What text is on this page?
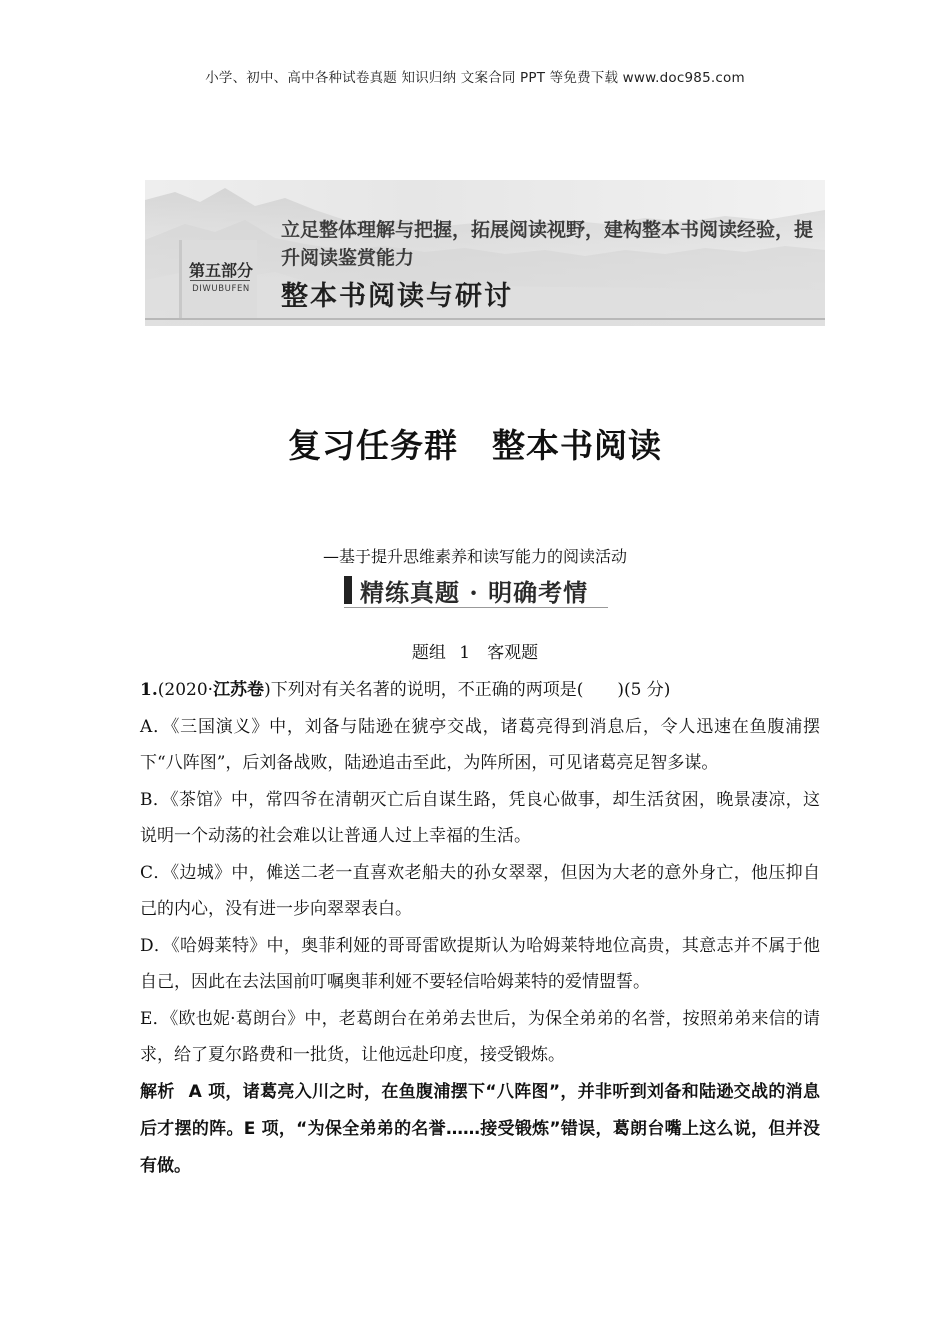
小学、初中、高中各种试卷真题 知识归纳 文案合同 PPT 等免费下载 www.doc985.com
第五部分
DIWUBUFEN
立足整体理解与把握，拓展阅读视野，建构整本书阅读经验，提升阅读鉴赏能力
整本书阅读与研讨
复习任务群　整本书阅读
—基于提升思维素养和读写能力的阅读活动
精练真题 · 明确考情
题组 1　客观题

1.(2020·江苏卷)下列对有关名著的说明，不正确的两项是(　　)(5 分)

A．《三国演义》中，刘备与陆逊在猇亭交战，诸葛亮得到消息后，令人迅速在鱼腹浦摆下“八阵图”，后刘备战败，陆逊追击至此，为阵所困，可见诸葛亮足智多谋。

B．《茶馆》中，常四爷在清朝灭亡后自谋生路，凭良心做事，却生活贫困，晚景凄凉，这说明一个动荡的社会难以让普通人过上幸福的生活。

C．《边城》中，傩送二老一直喜欢老船夫的孙女翠翠，但因为大老的意外身亡，他压抑自己的内心，没有进一步向翠翠表白。

D．《哈姆莱特》中，奥菲利娅的哥哥雷欧提斯认为哈姆莱特地位高贵，其意志并不属于他自己，因此在去法国前叮嘱奥菲利娅不要轻信哈姆莱特的爱情盟誓。

E．《欧也妮·葛朗台》中，老葛朗台在弟弟去世后，为保全弟弟的名誉，按照弟弟来信的请求，给了夏尔路费和一批货，让他远赴印度，接受锻炼。

解析 A 项，诸葛亮入川之时，在鱼腹浦摆下“八阵图”，并非听到刘备和陆逊交战的消息后才摆的阵。E 项，“为保全弟弟的名誉……接受锻炼”错误，葛朗台嘴上这么说，但并没有做。
